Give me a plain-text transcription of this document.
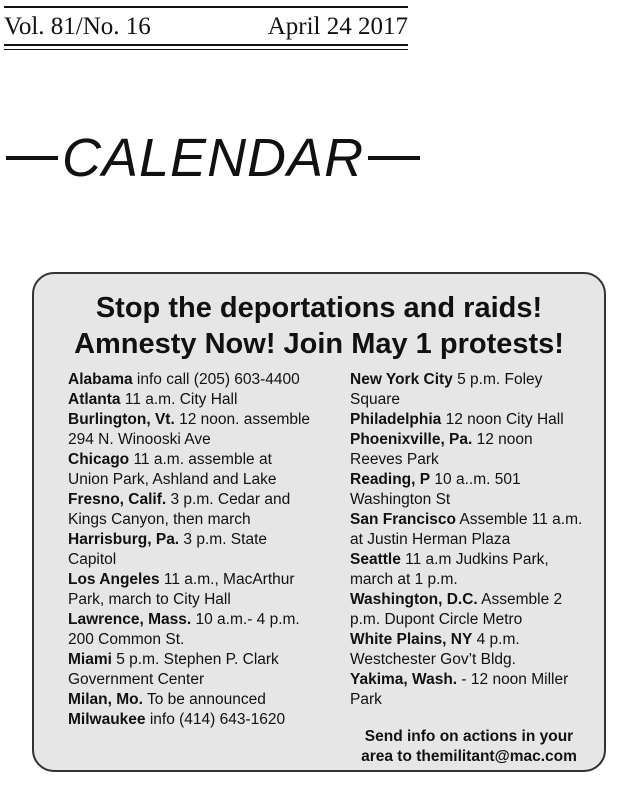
Vol. 81/No. 16	April 24 2017
CALENDAR
Stop the deportations and raids!
Amnesty Now! Join May 1 protests!

Alabama info call (205) 603-4400

Atlanta 11 a.m. City Hall

Burlington, Vt. 12 noon. assemble 294 N. Winooski Ave

Chicago 11 a.m. assemble at Union Park, Ashland and Lake

Fresno, Calif. 3 p.m. Cedar and Kings Canyon, then march

Harrisburg, Pa. 3 p.m. State Capitol

Los Angeles 11 a.m., MacArthur Park, march to City Hall

Lawrence, Mass. 10 a.m.- 4 p.m. 200 Common St.

Miami 5 p.m. Stephen P. Clark Government Center

Milan, Mo. To be announced

Milwaukee info (414) 643-1620

New York City 5 p.m. Foley Square

Philadelphia 12 noon City Hall

Phoenixville, Pa. 12 noon Reeves Park

Reading, P 10 a..m. 501 Washington St

San Francisco Assemble 11 a.m. at Justin Herman Plaza

Seattle 11 a.m Judkins Park, march at 1 p.m.

Washington, D.C. Assemble 2 p.m. Dupont Circle Metro

White Plains, NY 4 p.m. Westchester Gov’t Bldg.

Yakima, Wash. - 12 noon Miller Park

Send info on actions in your
area to themilitant@mac.com
